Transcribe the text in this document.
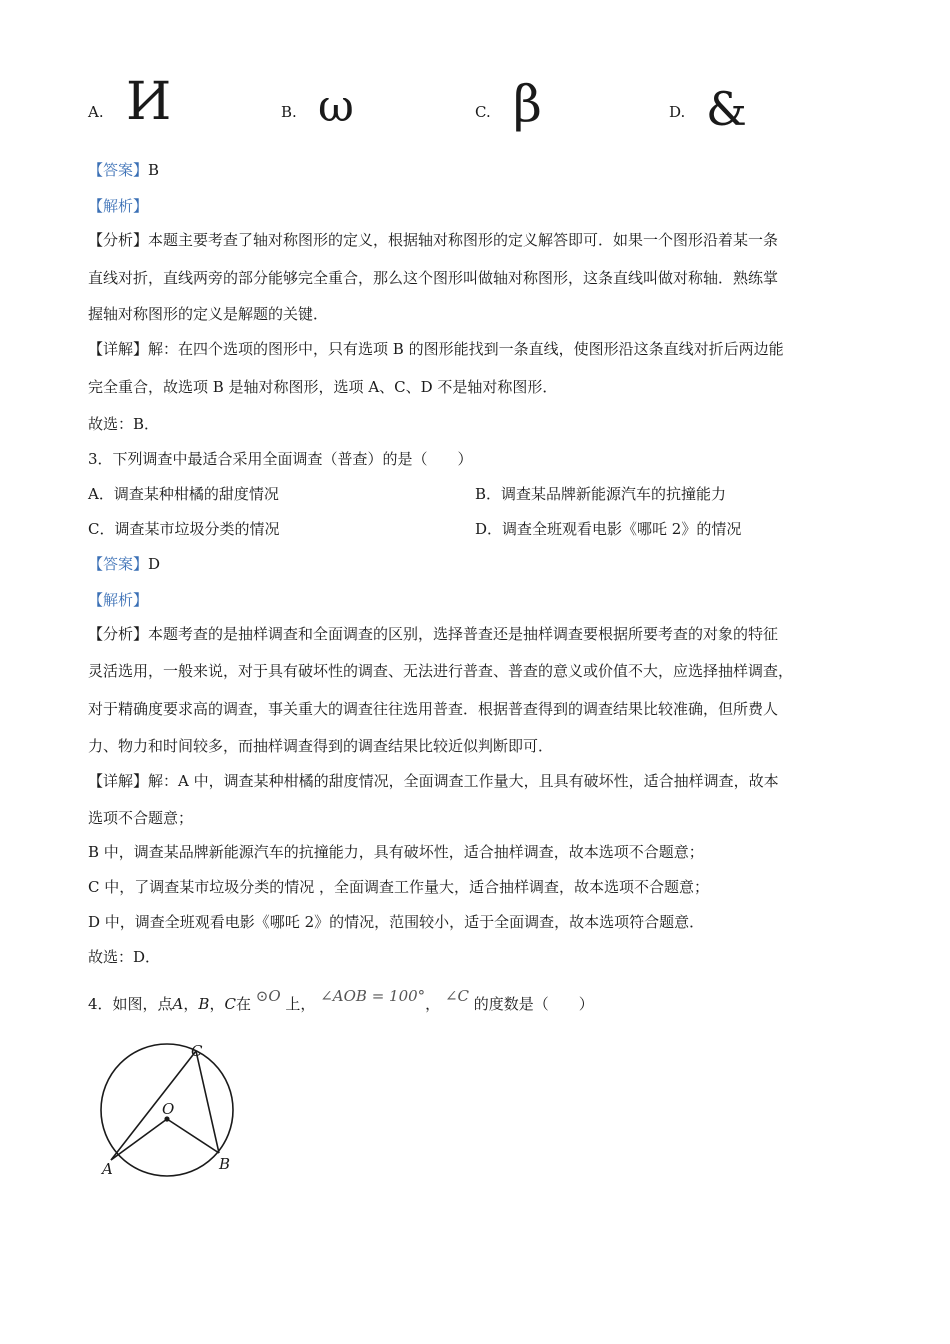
A. И	B. ω	C. β	D. &
【答案】B
【解析】
【分析】本题主要考查了轴对称图形的定义，根据轴对称图形的定义解答即可．如果一个图形沿着某一条
直线对折，直线两旁的部分能够完全重合，那么这个图形叫做轴对称图形，这条直线叫做对称轴．熟练掌
握轴对称图形的定义是解题的关键．
【详解】解：在四个选项的图形中，只有选项 B 的图形能找到一条直线，使图形沿这条直线对折后两边能
完全重合，故选项 B 是轴对称图形，选项 A、C、D 不是轴对称图形．
故选：B．
3．下列调查中最适合采用全面调查（普查）的是（　　）
A．调查某种柑橘的甜度情况	B．调查某品牌新能源汽车的抗撞能力
C．调查某市垃圾分类的情况	D．调查全班观看电影《哪吒 2》的情况
【答案】D
【解析】
【分析】本题考查的是抽样调查和全面调查的区别，选择普查还是抽样调查要根据所要考查的对象的特征
灵活选用，一般来说，对于具有破坏性的调查、无法进行普查、普查的意义或价值不大，应选择抽样调查，
对于精确度要求高的调查，事关重大的调查往往选用普查．根据普查得到的调查结果比较准确，但所费人
力、物力和时间较多，而抽样调查得到的调查结果比较近似判断即可．
【详解】解：A 中，调查某种柑橘的甜度情况，全面调查工作量大，且具有破坏性，适合抽样调查，故本
选项不合题意；
B 中，调查某品牌新能源汽车的抗撞能力，具有破坏性，适合抽样调查，故本选项不合题意；
C 中，了调查某市垃圾分类的情况 ，全面调查工作量大，适合抽样调查，故本选项不合题意；
D 中，调查全班观看电影《哪吒 2》的情况，范围较小，适于全面调查，故本选项符合题意．
故选：D．
4．如图，点A，B，C在 ⊙O 上， ∠AOB = 100°， ∠C 的度数是（　　）
C
O
A	B
